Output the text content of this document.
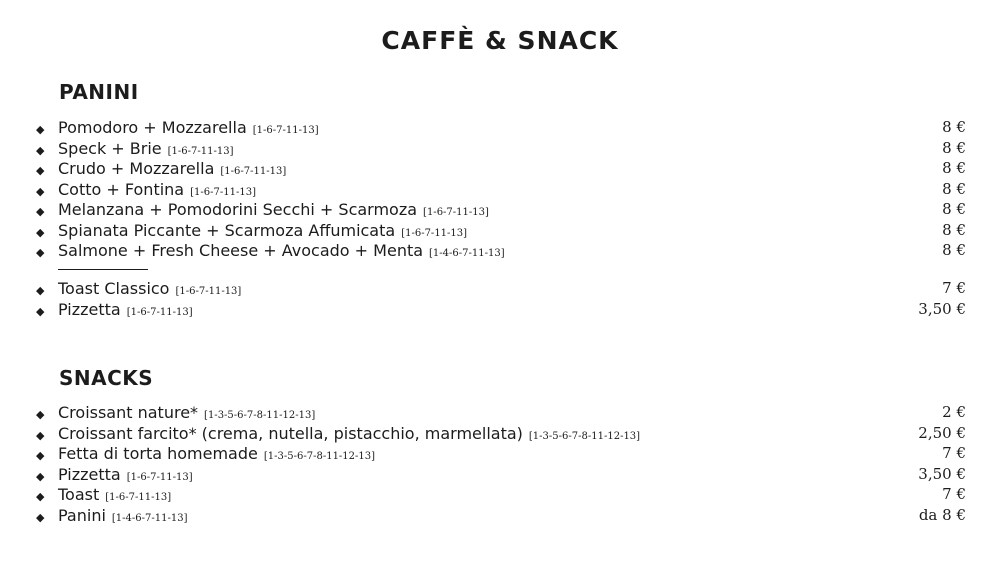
CAFFÈ & SNACK
PANINI
◆ Pomodoro + Mozzarella [1-6-7-11-13]	8 €
◆ Speck + Brie [1-6-7-11-13]	8 €
◆ Crudo + Mozzarella [1-6-7-11-13]	8 €
◆ Cotto + Fontina [1-6-7-11-13]	8 €
◆ Melanzana + Pomodorini Secchi + Scarmoza [1-6-7-11-13]	8 €
◆ Spianata Piccante + Scarmoza Affumicata [1-6-7-11-13]	8 €
◆ Salmone + Fresh Cheese + Avocado + Menta [1-4-6-7-11-13]	8 €
◆ Toast Classico [1-6-7-11-13]	7 €
◆ Pizzetta [1-6-7-11-13]	3,50 €
SNACKS
◆ Croissant nature* [1-3-5-6-7-8-11-12-13]	2 €
◆ Croissant farcito* (crema, nutella, pistacchio, marmellata) [1-3-5-6-7-8-11-12-13]	2,50 €
◆ Fetta di torta homemade [1-3-5-6-7-8-11-12-13]	7 €
◆ Pizzetta [1-6-7-11-13]	3,50 €
◆ Toast [1-6-7-11-13]	7 €
◆ Panini [1-4-6-7-11-13]	da 8 €
